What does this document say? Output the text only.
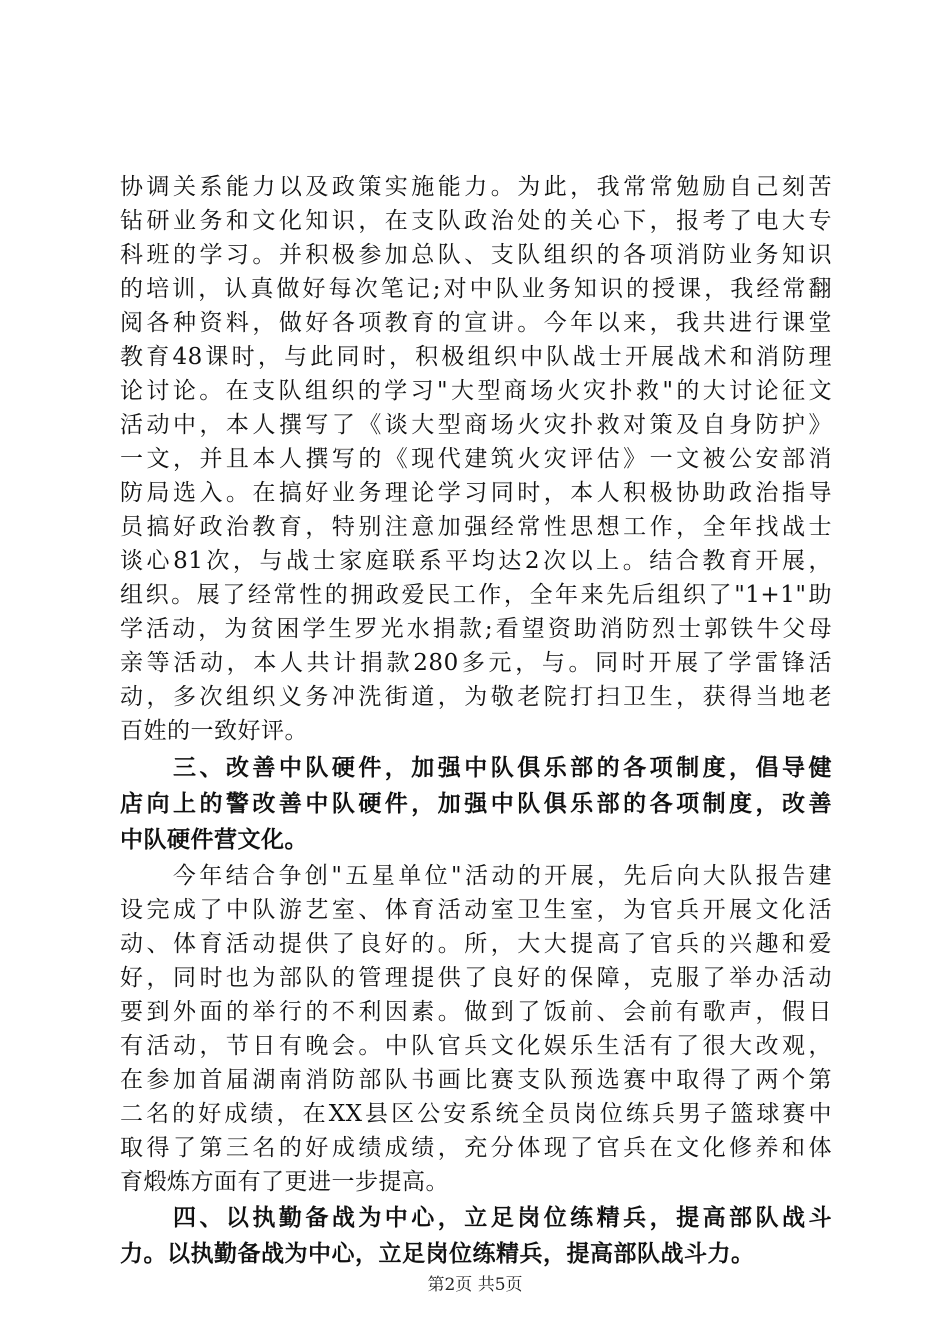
协调关系能力以及政策实施能力。为此，我常常勉励自己刻苦
钻研业务和文化知识，在支队政治处的关心下，报考了电大专
科班的学习。并积极参加总队、支队组织的各项消防业务知识
的培训，认真做好每次笔记;对中队业务知识的授课，我经常翻
阅各种资料，做好各项教育的宣讲。今年以来，我共进行课堂
教育48课时，与此同时，积极组织中队战士开展战术和消防理
论讨论。在支队组织的学习"大型商场火灾扑救"的大讨论征文
活动中，本人撰写了《谈大型商场火灾扑救对策及自身防护》
一文，并且本人撰写的《现代建筑火灾评估》一文被公安部消
防局选入。在搞好业务理论学习同时，本人积极协助政治指导
员搞好政治教育，特别注意加强经常性思想工作，全年找战士
谈心81次，与战士家庭联系平均达2次以上。结合教育开展，
组织。展了经常性的拥政爱民工作，全年来先后组织了"1+1"助
学活动，为贫困学生罗光水捐款;看望资助消防烈士郭铁牛父母
亲等活动，本人共计捐款280多元，与。同时开展了学雷锋活
动，多次组织义务冲洗街道，为敬老院打扫卫生，获得当地老
百姓的一致好评。
　　三、改善中队硬件，加强中队俱乐部的各项制度，倡导健
店向上的警改善中队硬件，加强中队俱乐部的各项制度，改善
中队硬件营文化。
　　今年结合争创"五星单位"活动的开展，先后向大队报告建
设完成了中队游艺室、体育活动室卫生室，为官兵开展文化活
动、体育活动提供了良好的。所，大大提高了官兵的兴趣和爱
好，同时也为部队的管理提供了良好的保障，克服了举办活动
要到外面的举行的不利因素。做到了饭前、会前有歌声，假日
有活动，节日有晚会。中队官兵文化娱乐生活有了很大改观，
在参加首届湖南消防部队书画比赛支队预选赛中取得了两个第
二名的好成绩，在XX县区公安系统全员岗位练兵男子篮球赛中
取得了第三名的好成绩成绩，充分体现了官兵在文化修养和体
育煅炼方面有了更进一步提高。
　　四、以执勤备战为中心，立足岗位练精兵，提高部队战斗
力。以执勤备战为中心，立足岗位练精兵，提高部队战斗力。
第2页 共5页
